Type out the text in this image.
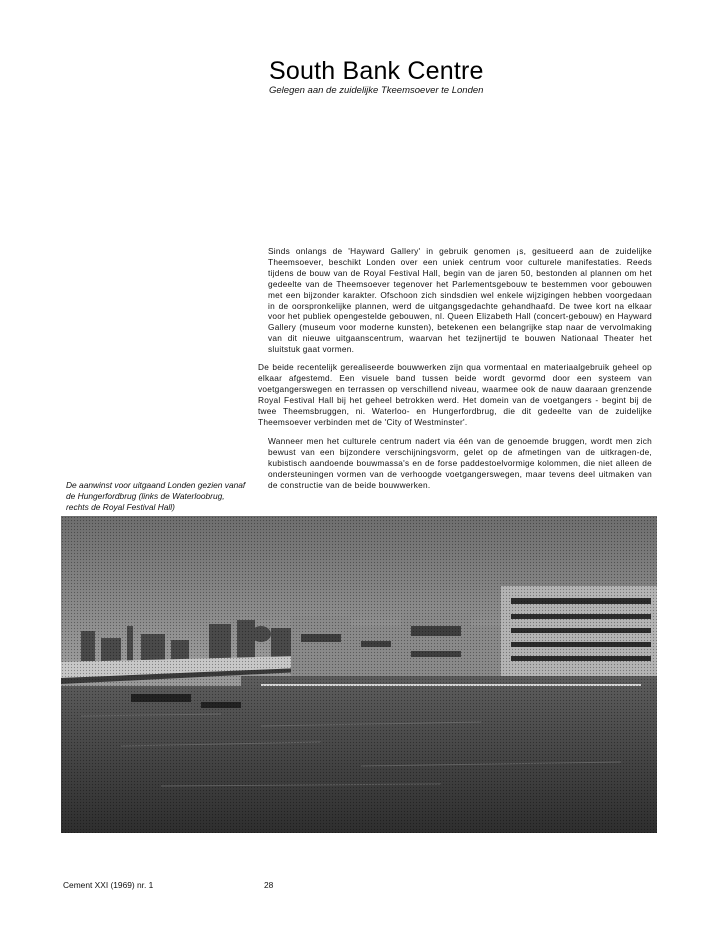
South Bank Centre
Gelegen aan de zuidelijke Tkeemsoever te Londen

Sinds onlangs de 'Hayward Gallery' in gebruik genomen ¡s, gesitueerd aan de zuidelijke Theemsoever, beschikt Londen over een uniek centrum voor culturele manifestaties. Reeds tijdens de bouw van de Royal Festival Hall, begin van de jaren 50, bestonden al plannen om het gedeelte van de Theemsoever tegenover het Parlementsgebouw te bestemmen voor gebouwen met een bijzonder karakter. Ofschoon zich sindsdien wel enkele wijzigingen hebben voorgedaan in de oorspronkelijke plannen, werd de uitgangsgedachte gehandhaafd. De twee kort na elkaar voor het publiek opengestelde gebouwen, nl. Queen Elizabeth Hall (concert-gebouw) en Hayward Gallery (museum voor moderne kunsten), betekenen een belangrijke stap naar de vervolmaking van dit nieuwe uitgaanscentrum, waarvan het tezijnertijd te bouwen Nationaal Theater het sluitstuk gaat vormen.

De beide recentelijk gerealiseerde bouwwerken zijn qua vormentaal en materiaalgebruik geheel op elkaar afgestemd. Een visuele band tussen beide wordt gevormd door een systeem van voetgangerswegen en terrassen op verschillend niveau, waarmee ook de nauw daaraan grenzende Royal Festival Hall bij het geheel betrokken werd. Het domein van de voetgangers - begint bij de twee Theemsbruggen, ni. Waterloo- en Hungerfordbrug, die dit gedeelte van de zuidelijke Theemsoever verbinden met de 'City of Westminster'.

Wanneer men het culturele centrum nadert via één van de genoemde bruggen, wordt men zich bewust van een bijzondere verschijningsvorm, gelet op de afmetingen van de uitkragen-de, kubistisch aandoende bouwmassa's en de forse paddestoelvormige kolommen, die niet alleen de ondersteuningen vormen van de verhoogde voetgangerswegen, maar tevens deel uitmaken van de constructie van de beide bouwwerken.

De aanwinst voor uitgaand Londen gezien vanaf de Hungerfordbrug (links de Waterloobrug, rechts de Royal Festival Hall)
Cement XXI (1969) nr. 1	28
